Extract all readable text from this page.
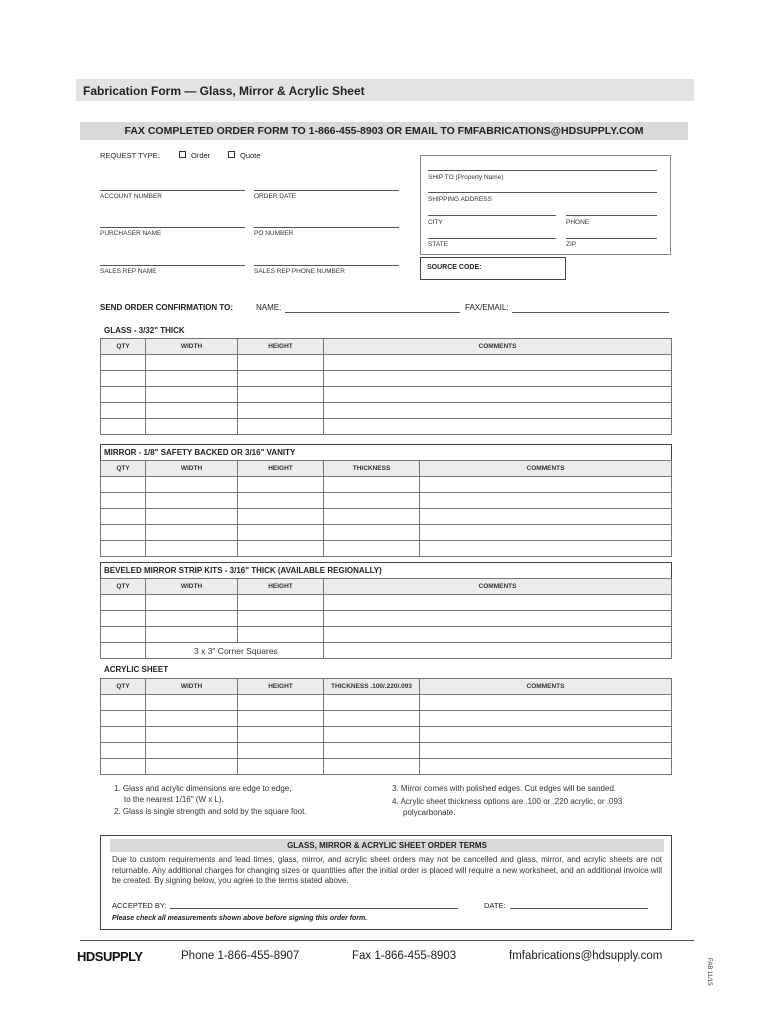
Fabrication Form — Glass, Mirror & Acrylic Sheet
FAX COMPLETED ORDER FORM TO 1-866-455-8903 OR EMAIL TO FMFABRICATIONS@HDSUPPLY.COM
REQUEST TYPE:	Order	Quote
ACCOUNT NUMBER	ORDER DATE
PURCHASER NAME	PO NUMBER
SALES REP NAME	SALES REP PHONE NUMBER
SHIP TO (Property Name)
SHIPPING ADDRESS
CITY	PHONE
STATE	ZIP
SOURCE CODE:
SEND ORDER CONFIRMATION TO:	NAME:	FAX/EMAIL:
GLASS - 3/32" THICK
QTY	WIDTH	HEIGHT	COMMENTS

MIRROR - 1/8" SAFETY BACKED OR 3/16" VANITY
QTY	WIDTH	HEIGHT	THICKNESS	COMMENTS

BEVELED MIRROR STRIP KITS - 3/16" THICK (AVAILABLE REGIONALLY)
QTY	WIDTH	HEIGHT	COMMENTS

	3 x 3" Corner Squares		
ACRYLIC SHEET
QTY	WIDTH	HEIGHT	THICKNESS .100/.220/.093	COMMENTS

1. Glass and acrylic dimensions are edge to edge,
to the nearest 1/16" (W x L).
2. Glass is single strength and sold by the square foot.
3. Mirror comes with polished edges. Cut edges will be sanded.
4. Acrylic sheet thickness options are .100 or .220 acrylic, or .093
polycarbonate.
GLASS, MIRROR & ACRYLIC SHEET ORDER TERMS
Due to custom requirements and lead times, glass, mirror, and acrylic sheet orders may not be cancelled and glass, mirror, and acrylic sheets are not returnable. Any additional charges for changing sizes or quantities after the initial order is placed will require a new worksheet, and an additional invoice will be created. By signing below, you agree to the terms stated above.
ACCEPTED BY:	DATE:
Please check all measurements shown above before signing this order form.
HDSUPPLY	Phone 1-866-455-8907	Fax 1-866-455-8903	fmfabrications@hdsupply.com
FAB 11/15
